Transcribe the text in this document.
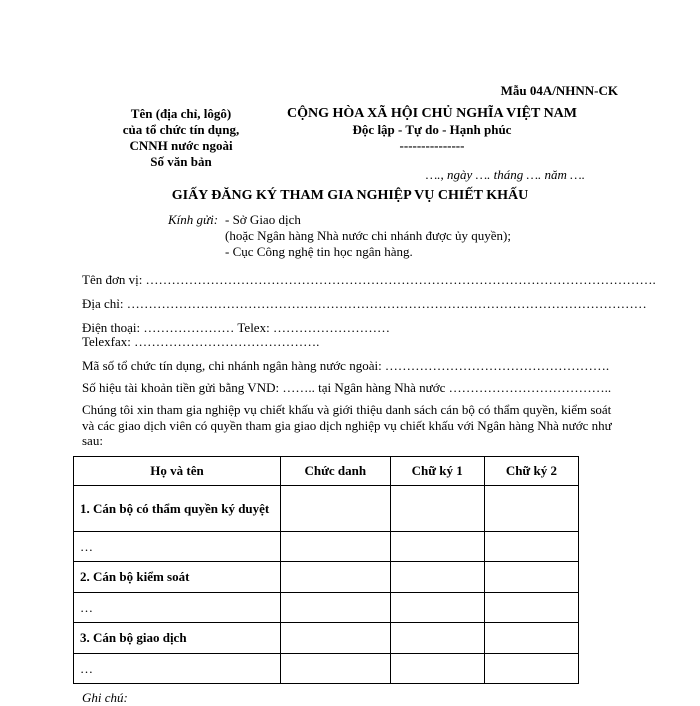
Mẫu 04A/NHNN-CK
Tên (địa chỉ, lôgô)
của tổ chức tín dụng,
CNNH nước ngoài
Số văn bản
CỘNG HÒA XÃ HỘI CHỦ NGHĨA VIỆT NAM
Độc lập - Tự do - Hạnh phúc
---------------
…., ngày …. tháng …. năm ….
GIẤY ĐĂNG KÝ THAM GIA NGHIỆP VỤ CHIẾT KHẤU
Kính gửi: - Sở Giao dịch
(hoặc Ngân hàng Nhà nước chi nhánh được ủy quyền);
- Cục Công nghệ tin học ngân hàng.
Tên đơn vị: ……………………………………………………………………………………………………….
Địa chỉ: …………………………………………………………………………………………………………
Điện thoại: ………………… Telex: ………………………
Telexfax: …………………………………….
Mã số tổ chức tín dụng, chi nhánh ngân hàng nước ngoài: …………………………………………….
Số hiệu tài khoản tiền gửi bằng VND: …….. tại Ngân hàng Nhà nước ………………………………..
Chúng tôi xin tham gia nghiệp vụ chiết khấu và giới thiệu danh sách cán bộ có thẩm quyền, kiểm soát và các giao dịch viên có quyền tham gia giao dịch nghiệp vụ chiết khấu với Ngân hàng Nhà nước như sau:
Họ và tên	Chức danh	Chữ ký 1	Chữ ký 2
1. Cán bộ có thẩm quyền ký duyệt			
…			
2. Cán bộ kiểm soát			
…			
3. Cán bộ giao dịch			
…			
Ghi chú:
